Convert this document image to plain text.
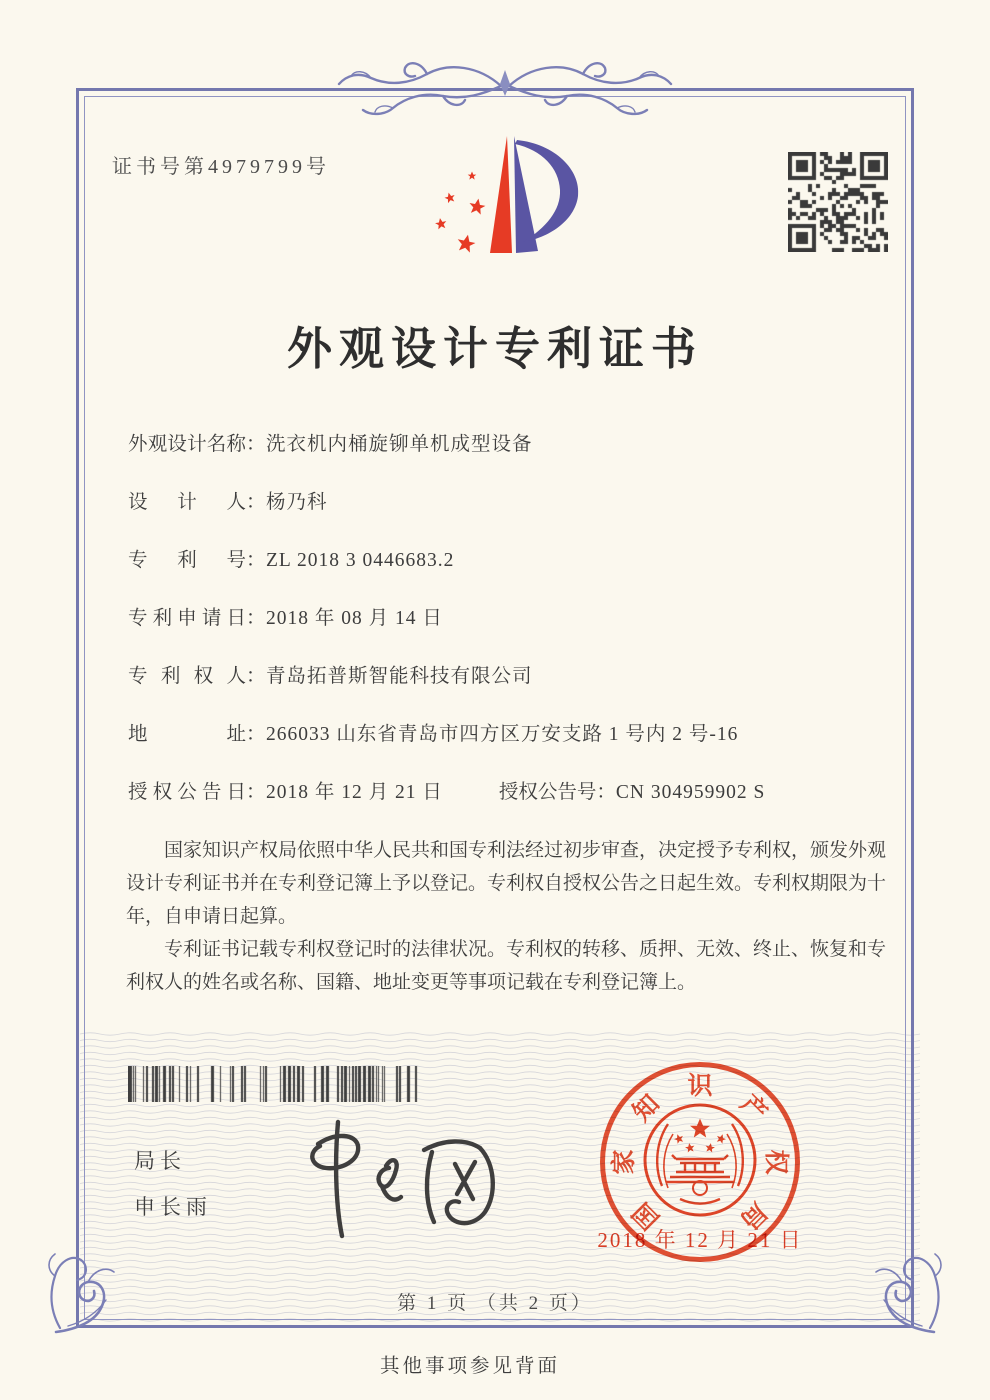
证书号第4979799号
外观设计专利证书
外观设计名称：洗衣机内桶旋铆单机成型设备
设计人：杨乃科
专利号：ZL 2018 3 0446683.2
专利申请日：2018 年 08 月 14 日
专利权人：青岛拓普斯智能科技有限公司
地址：266033 山东省青岛市四方区万安支路 1 号内 2 号-16
授权公告日：2018 年 12 月 21 日	授权公告号：CN 304959902 S

国家知识产权局依照中华人民共和国专利法经过初步审查，决定授予专利权，颁发外观设计专利证书并在专利登记簿上予以登记。专利权自授权公告之日起生效。专利权期限为十年，自申请日起算。

专利证书记载专利权登记时的法律状况。专利权的转移、质押、无效、终止、恢复和专利权人的姓名或名称、国籍、地址变更等事项记载在专利登记簿上。

局长
申长雨	国
家
知
识
产
权
局
2018 年 12 月 21 日
第 1 页 （共 2 页）
其他事项参见背面
